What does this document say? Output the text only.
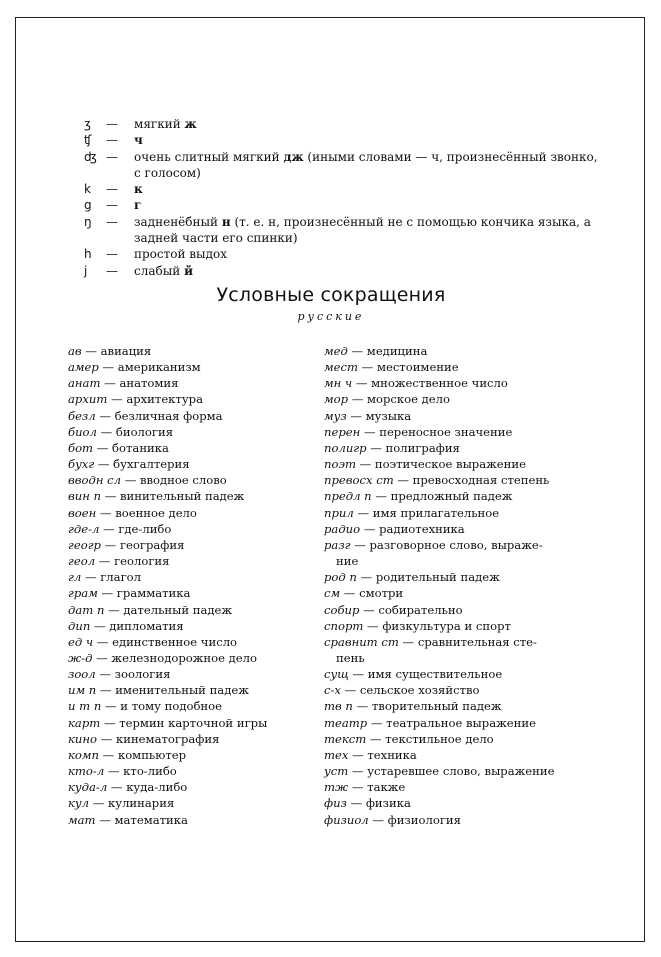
ʒ	—	мягкий ж
ʧ	—	ч
ʤ —	очень слитный мягкий дж (иными словами — ч, произнесённый звонко, с голосом)
k	—	к
g	—	г
ŋ	—	задненёбный н (т. е. н, произнесённый не с помощью кончика языка, а задней части его спинки)
h	—	простой выдох
j	—	слабый й
Условные сокращения
русские
ав — авиация
амер — американизм
анат — анатомия
архит — архитектура
безл — безличная форма
биол — биология
бот — ботаника
бухг — бухгалтерия
вводн сл — вводное слово
вин п — винительный падеж
воен — военное дело
где-л — где-либо
геогр — география
геол — геология
гл — глагол
грам — грамматика
дат п — дательный падеж
дип — дипломатия
ед ч — единственное число
ж-д — железнодорожное дело
зоол — зоология
им п — именительный падеж
и т п — и тому подобное
карт — термин карточной игры
кино — кинематография
комп — компьютер
кто-л — кто-либо
куда-л — куда-либо
кул — кулинария
мат — математика
мед — медицина
мест — местоимение
мн ч — множественное число
мор — морское дело
муз — музыка
перен — переносное значение
полигр — полиграфия
поэт — поэтическое выражение
превосх ст — превосходная степень
предл п — предложный падеж
прил — имя прилагательное
радио — радиотехника
разг — разговорное слово, выраже-
ние
род п — родительный падеж
см — смотри
собир — собирательно
спорт — физкультура и спорт
сравнит ст — сравнительная сте-
пень
сущ — имя существительное
с-х — сельское хозяйство
тв п — творительный падеж
театр — театральное выражение
текст — текстильное дело
тех — техника
уст — устаревшее слово, выражение
тж — также
физ — физика
физиол — физиология
